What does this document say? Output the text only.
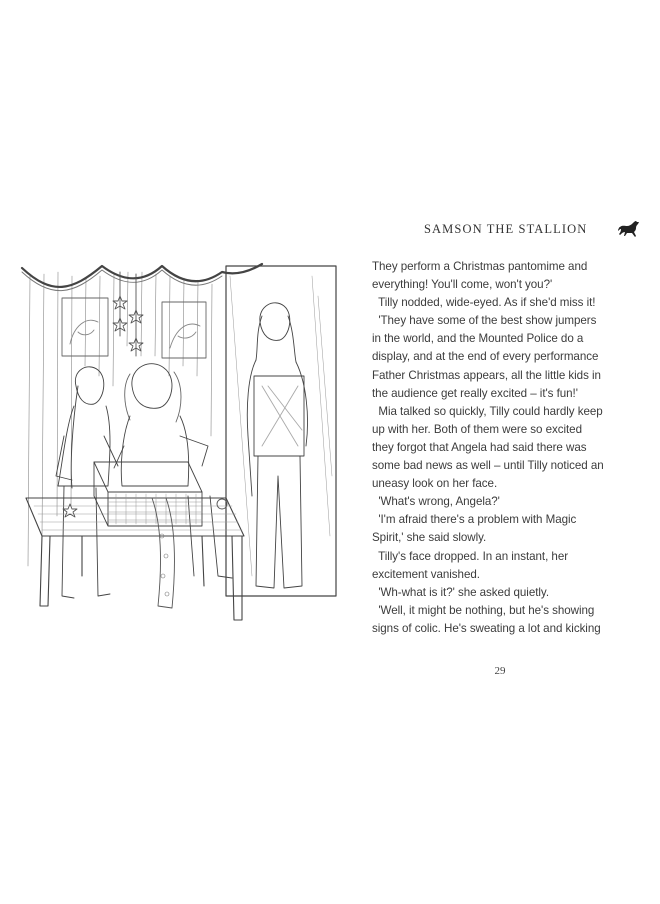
SAMSON THE STALLION
They perform a Christmas pantomime and
everything! You'll come, won't you?'
Tilly nodded, wide-eyed. As if she'd miss it!
'They have some of the best show jumpers
in the world, and the Mounted Police do a
display, and at the end of every performance
Father Christmas appears, all the little kids in
the audience get really excited – it's fun!'
Mia talked so quickly, Tilly could hardly keep
up with her. Both of them were so excited
they forgot that Angela had said there was
some bad news as well – until Tilly noticed an
uneasy look on her face.
'What's wrong, Angela?'
'I'm afraid there's a problem with Magic
Spirit,' she said slowly.
Tilly's face dropped. In an instant, her
excitement vanished.
'Wh-what is it?' she asked quietly.
'Well, it might be nothing, but he's showing
signs of colic. He's sweating a lot and kicking
29
